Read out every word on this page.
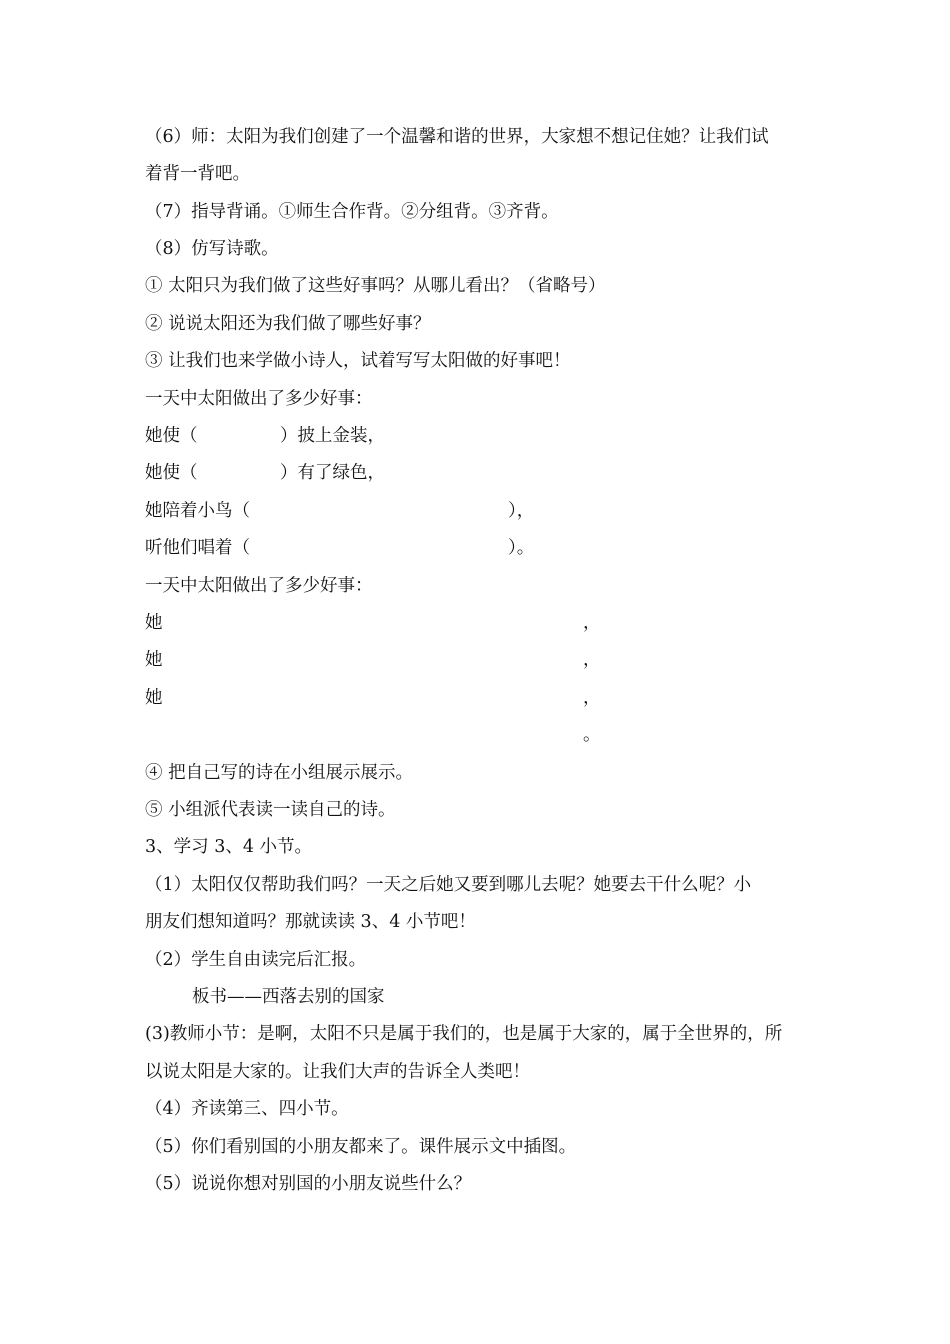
（6）师：太阳为我们创建了一个温馨和谐的世界，大家想不想记住她？让我们试
着背一背吧。
（7）指导背诵。①师生合作背。②分组背。③齐背。
（8）仿写诗歌。
① 太阳只为我们做了这些好事吗？从哪儿看出？（省略号）
② 说说太阳还为我们做了哪些好事？
③ 让我们也来学做小诗人，试着写写太阳做的好事吧！
一天中太阳做出了多少好事：
她使（	）披上金装，
她使（	）有了绿色，
她陪着小鸟（	），
听他们唱着（	）。
一天中太阳做出了多少好事：
她	，
她	，
她	，
。
④ 把自己写的诗在小组展示展示。
⑤ 小组派代表读一读自己的诗。
3、学习 3、4 小节。
（1）太阳仅仅帮助我们吗？一天之后她又要到哪儿去呢？她要去干什么呢？小
朋友们想知道吗？那就读读 3、4 小节吧！
（2）学生自由读完后汇报。
板书——西落去别的国家
(3)教师小节：是啊，太阳不只是属于我们的，也是属于大家的，属于全世界的，所
以说太阳是大家的。让我们大声的告诉全人类吧！
（4）齐读第三、四小节。
（5）你们看别国的小朋友都来了。课件展示文中插图。
（5）说说你想对别国的小朋友说些什么？
